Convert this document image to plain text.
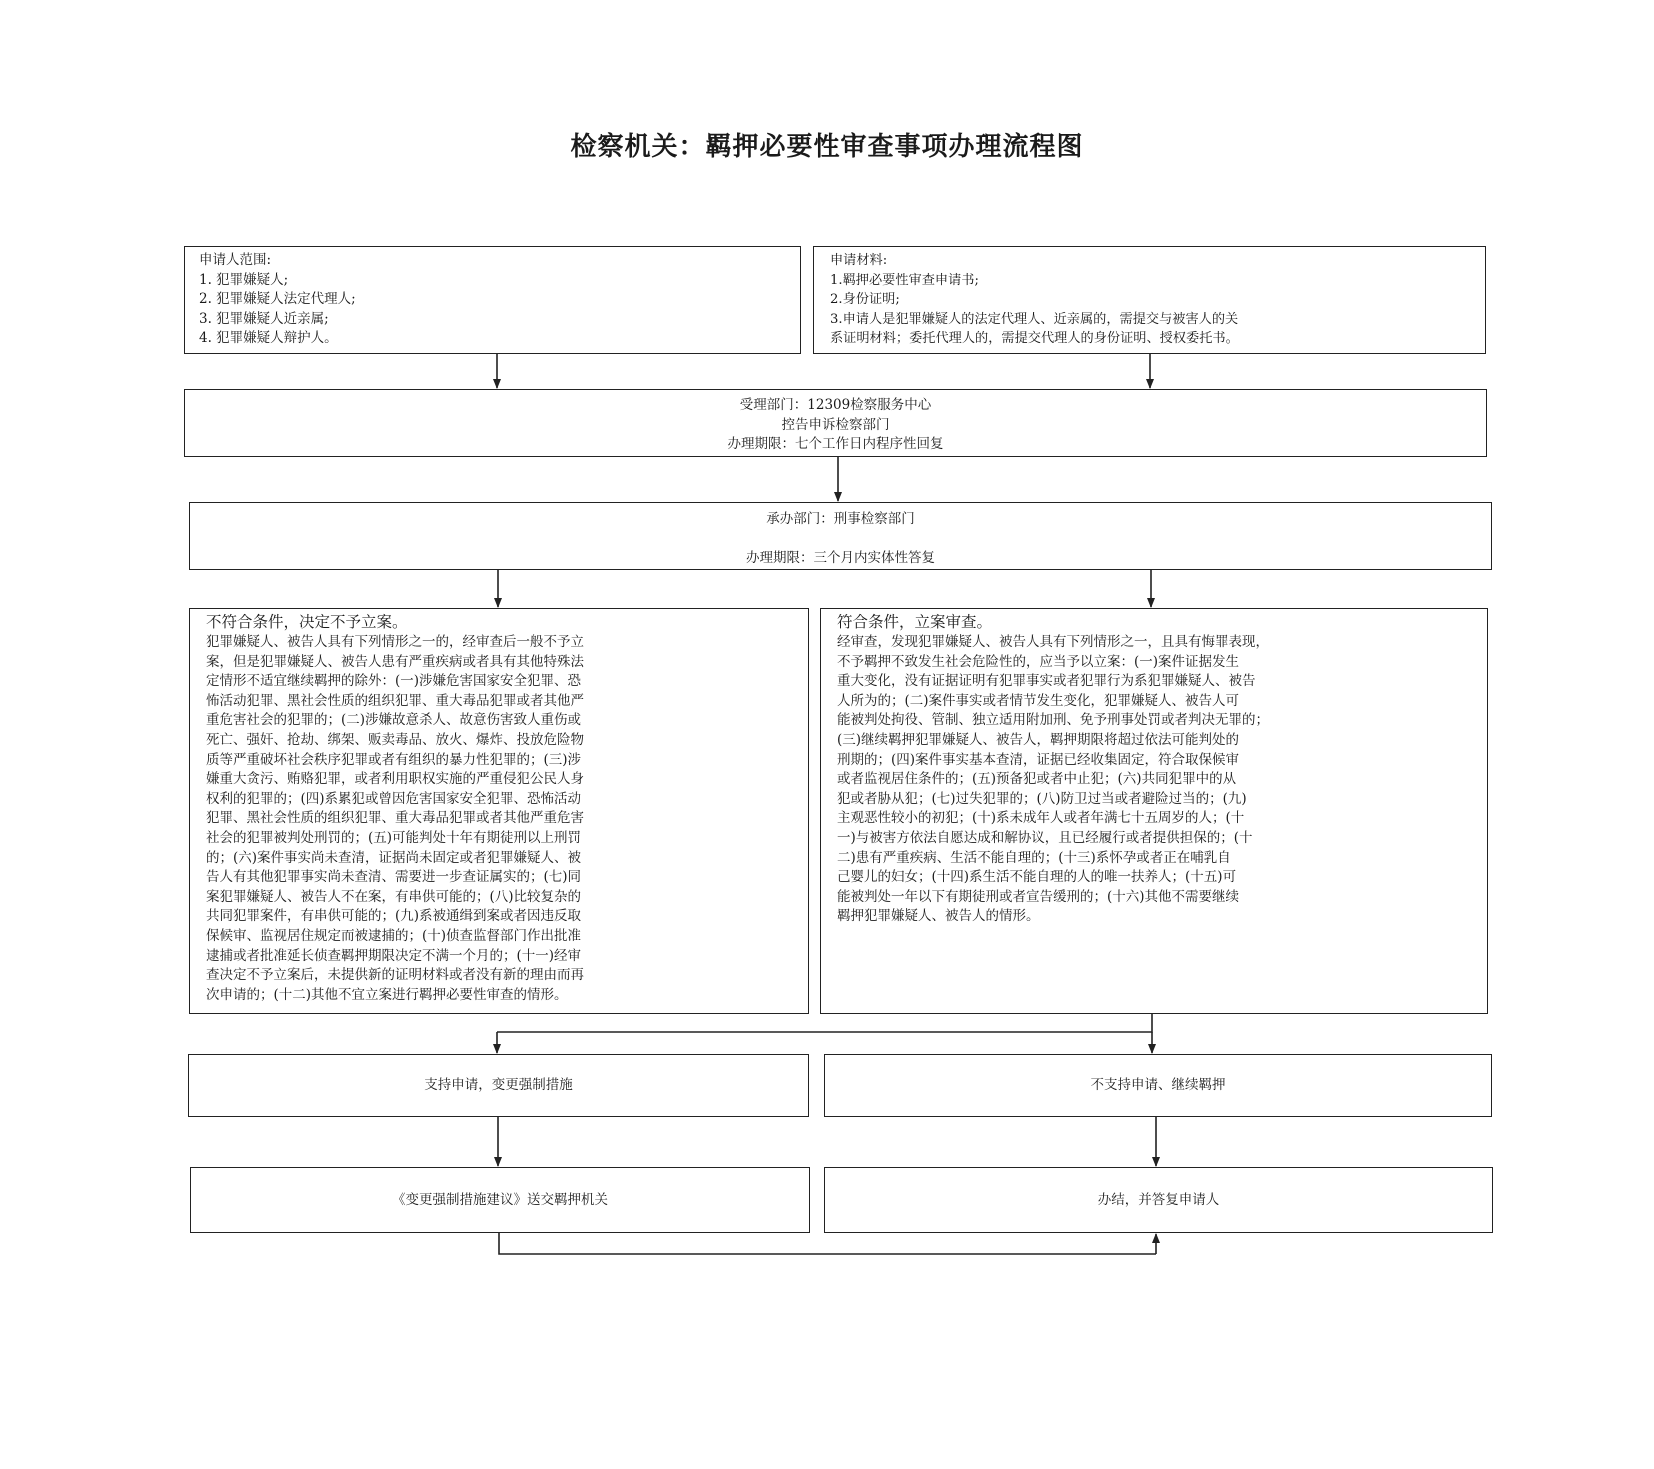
检察机关：羁押必要性审查事项办理流程图
申请人范围:
1. 犯罪嫌疑人;
2. 犯罪嫌疑人法定代理人;
3. 犯罪嫌疑人近亲属;
4. 犯罪嫌疑人辩护人。
申请材料:
1.羁押必要性审查申请书;
2.身份证明;
3.申请人是犯罪嫌疑人的法定代理人、近亲属的，需提交与被害人的关
系证明材料；委托代理人的，需提交代理人的身份证明、授权委托书。
受理部门：12309检察服务中心
控告申诉检察部门
办理期限：七个工作日内程序性回复
承办部门：刑事检察部门
办理期限：三个月内实体性答复
不符合条件，决定不予立案。
犯罪嫌疑人、被告人具有下列情形之一的，经审查后一般不予立
案，但是犯罪嫌疑人、被告人患有严重疾病或者具有其他特殊法
定情形不适宜继续羁押的除外：(一)涉嫌危害国家安全犯罪、恐
怖活动犯罪、黑社会性质的组织犯罪、重大毒品犯罪或者其他严
重危害社会的犯罪的；(二)涉嫌故意杀人、故意伤害致人重伤或
死亡、强奸、抢劫、绑架、贩卖毒品、放火、爆炸、投放危险物
质等严重破坏社会秩序犯罪或者有组织的暴力性犯罪的；(三)涉
嫌重大贪污、贿赂犯罪，或者利用职权实施的严重侵犯公民人身
权利的犯罪的；(四)系累犯或曾因危害国家安全犯罪、恐怖活动
犯罪、黑社会性质的组织犯罪、重大毒品犯罪或者其他严重危害
社会的犯罪被判处刑罚的；(五)可能判处十年有期徒刑以上刑罚
的；(六)案件事实尚未查清，证据尚未固定或者犯罪嫌疑人、被
告人有其他犯罪事实尚未查清、需要进一步查证属实的；(七)同
案犯罪嫌疑人、被告人不在案，有串供可能的；(八)比较复杂的
共同犯罪案件，有串供可能的；(九)系被通缉到案或者因违反取
保候审、监视居住规定而被逮捕的；(十)侦查监督部门作出批准
逮捕或者批准延长侦查羁押期限决定不满一个月的；(十一)经审
查决定不予立案后，未提供新的证明材料或者没有新的理由而再
次申请的；(十二)其他不宜立案进行羁押必要性审查的情形。
符合条件，立案审查。
经审查，发现犯罪嫌疑人、被告人具有下列情形之一，且具有悔罪表现，
不予羁押不致发生社会危险性的，应当予以立案：(一)案件证据发生
重大变化，没有证据证明有犯罪事实或者犯罪行为系犯罪嫌疑人、被告
人所为的；(二)案件事实或者情节发生变化，犯罪嫌疑人、被告人可
能被判处拘役、管制、独立适用附加刑、免予刑事处罚或者判决无罪的；
(三)继续羁押犯罪嫌疑人、被告人，羁押期限将超过依法可能判处的
刑期的；(四)案件事实基本查清，证据已经收集固定，符合取保候审
或者监视居住条件的；(五)预备犯或者中止犯；(六)共同犯罪中的从
犯或者胁从犯；(七)过失犯罪的；(八)防卫过当或者避险过当的；(九)
主观恶性较小的初犯；(十)系未成年人或者年满七十五周岁的人；(十
一)与被害方依法自愿达成和解协议，且已经履行或者提供担保的；(十
二)患有严重疾病、生活不能自理的；(十三)系怀孕或者正在哺乳自
己婴儿的妇女；(十四)系生活不能自理的人的唯一扶养人；(十五)可
能被判处一年以下有期徒刑或者宣告缓刑的；(十六)其他不需要继续
羁押犯罪嫌疑人、被告人的情形。
支持申请，变更强制措施	不支持申请、继续羁押
《变更强制措施建议》送交羁押机关	办结，并答复申请人
